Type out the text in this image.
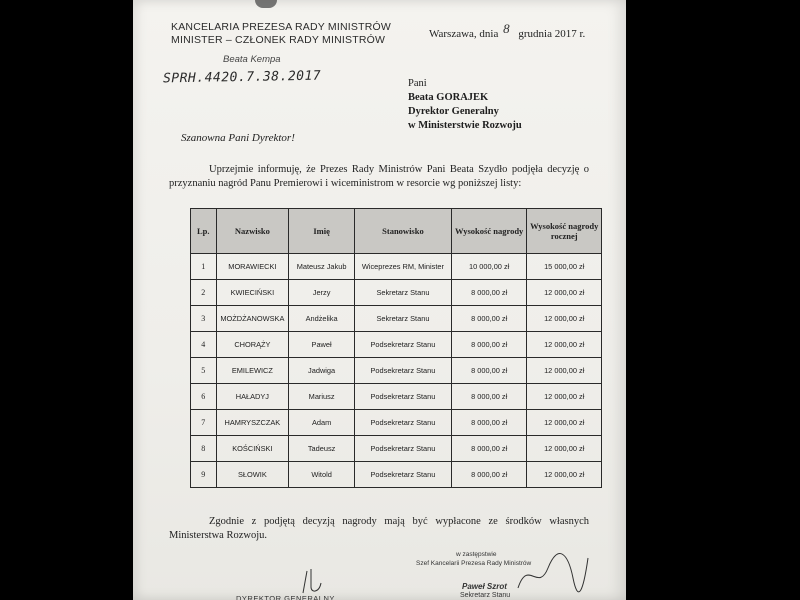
KANCELARIA PREZESA RADY MINISTRÓW
MINISTER – CZŁONEK RADY MINISTRÓW
Beata Kempa
Warszawa, dnia 8 grudnia 2017 r.
SPRH.4420.7.38.2017	Pani
Beata GORAJEK
Dyrektor Generalny
w Ministerstwie Rozwoju
Szanowna Pani Dyrektor!
Uprzejmie informuję, że Prezes Rady Ministrów Pani Beata Szydło podjęła decyzję o przyznaniu nagród Panu Premierowi i wiceministrom w resorcie wg poniższej listy:
Lp.	Nazwisko	Imię	Stanowisko	Wysokość nagrody	Wysokość nagrody rocznej
1	MORAWIECKI	Mateusz Jakub	Wiceprezes RM, Minister	10 000,00 zł	15 000,00 zł
2	KWIECIŃSKI	Jerzy	Sekretarz Stanu	8 000,00 zł	12 000,00 zł
3	MOŻDŻANOWSKA	Andżelika	Sekretarz Stanu	8 000,00 zł	12 000,00 zł
4	CHORĄŻY	Paweł	Podsekretarz Stanu	8 000,00 zł	12 000,00 zł
5	EMILEWICZ	Jadwiga	Podsekretarz Stanu	8 000,00 zł	12 000,00 zł
6	HAŁADYJ	Mariusz	Podsekretarz Stanu	8 000,00 zł	12 000,00 zł
7	HAMRYSZCZAK	Adam	Podsekretarz Stanu	8 000,00 zł	12 000,00 zł
8	KOŚCIŃSKI	Tadeusz	Podsekretarz Stanu	8 000,00 zł	12 000,00 zł
9	SŁOWIK	Witold	Podsekretarz Stanu	8 000,00 zł	12 000,00 zł
Zgodnie z podjętą decyzją nagrody mają być wypłacone ze środków własnych Ministerstwa Rozwoju.
w zastępstwie
Szef Kancelarii Prezesa Rady Ministrów
Paweł Szrot
Sekretarz Stanu
DYREKTOR GENERALNY
